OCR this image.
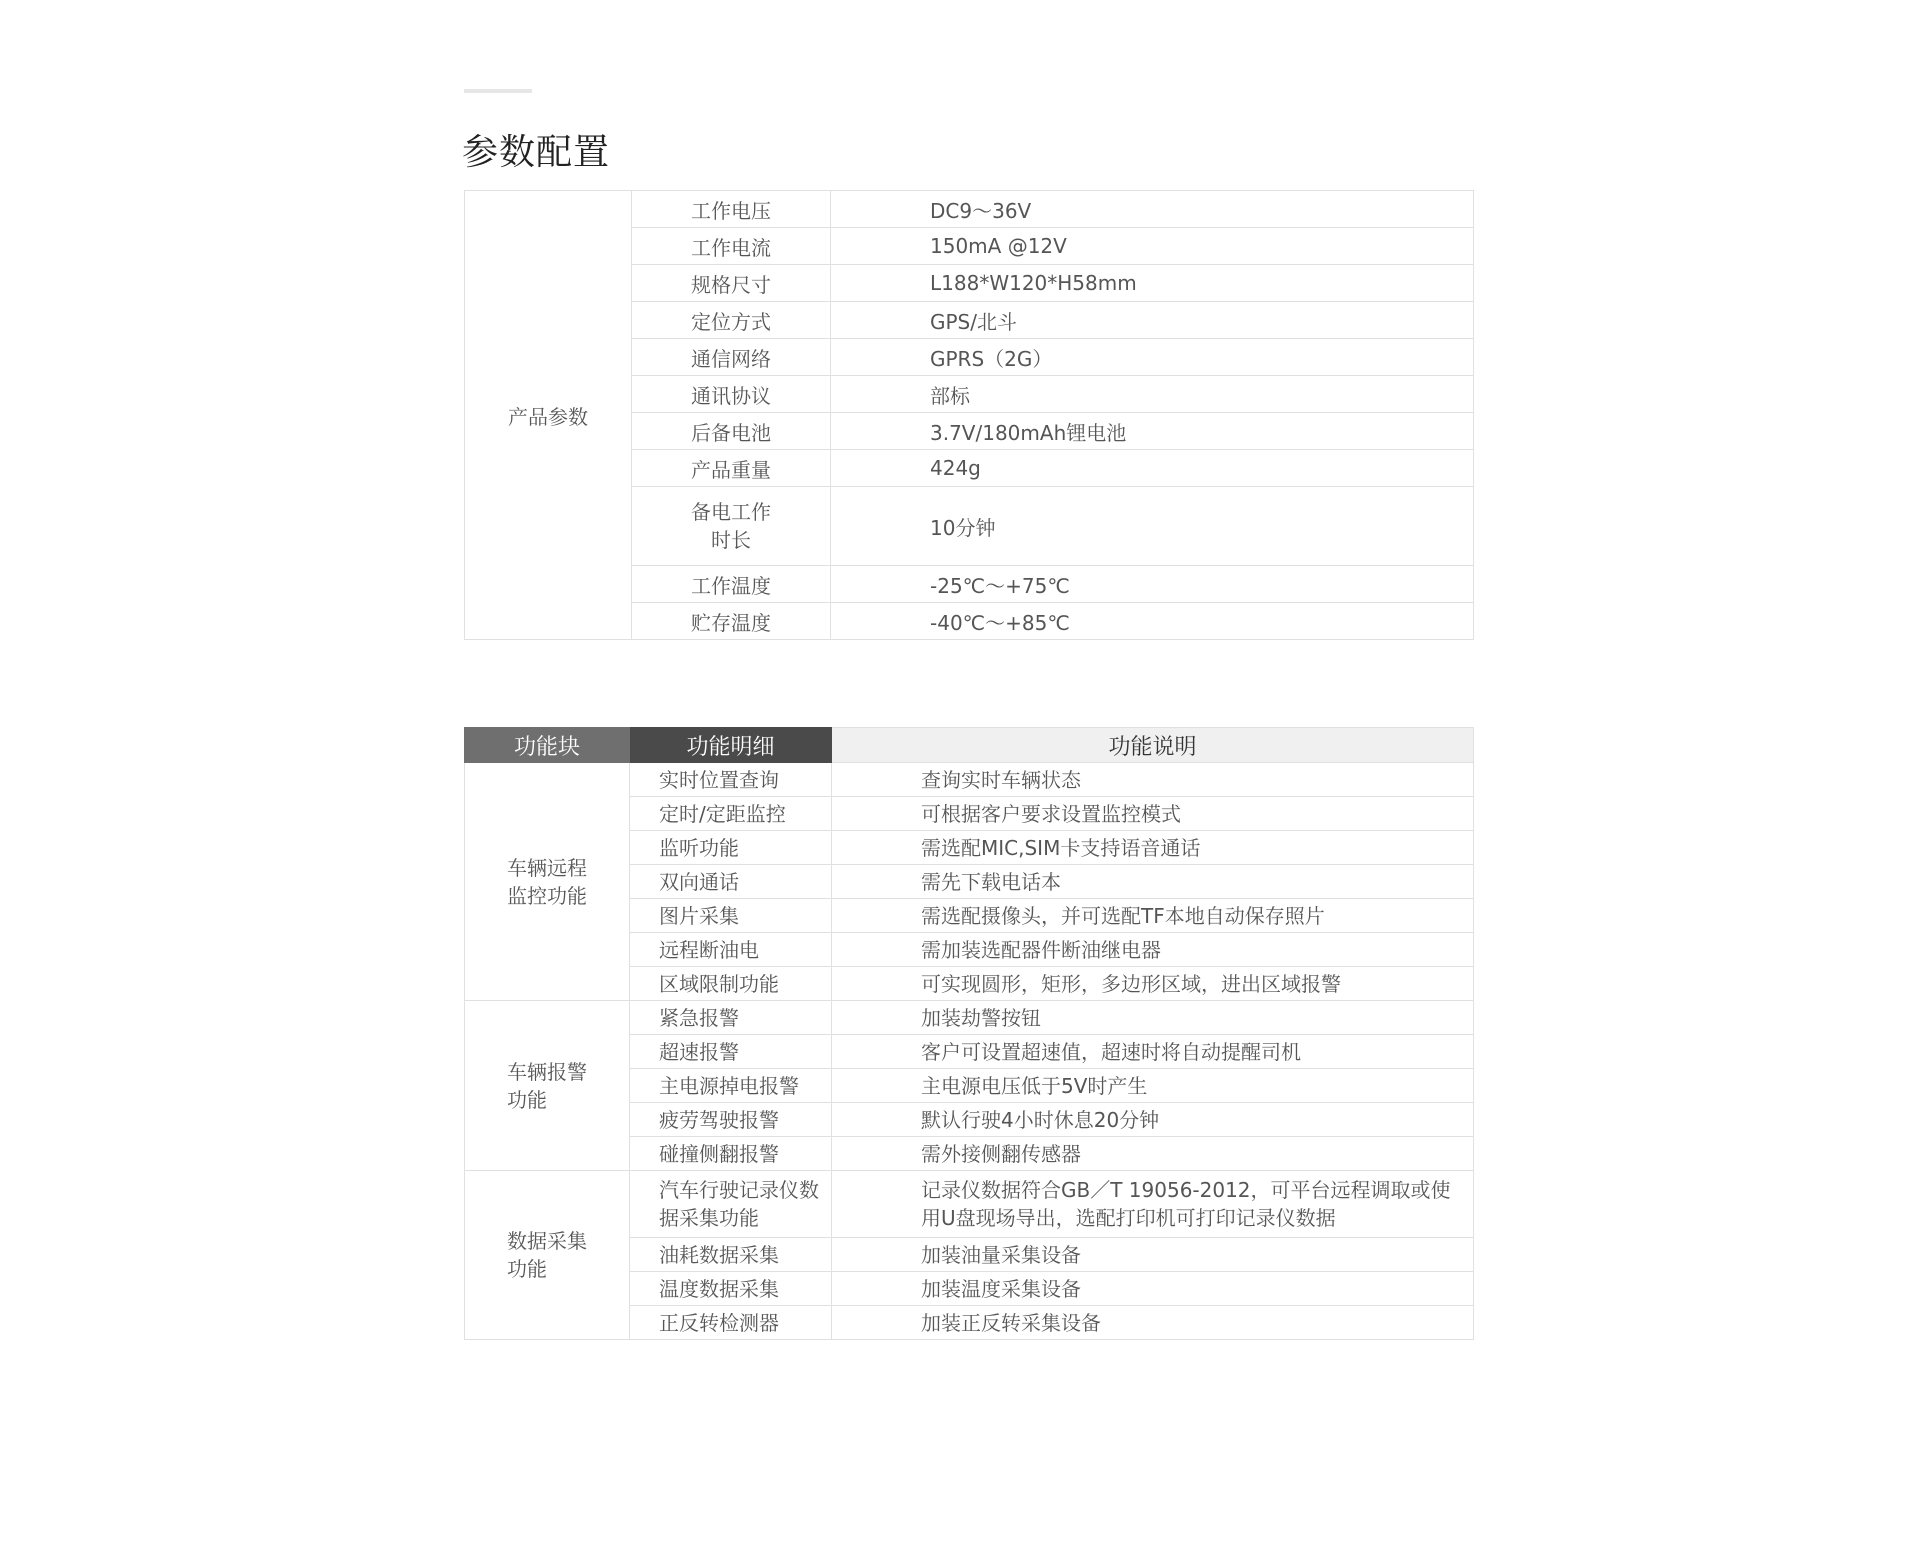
参数配置
产品参数	工作电压	DC9～36V
	工作电流	150mA @12V
	规格尺寸	L188*W120*H58mm
	定位方式	GPS/北斗
	通信网络	GPRS（2G）
	通讯协议	部标
	后备电池	3.7V/180mAh锂电池
	产品重量	424g
	备电工作时长	10分钟
	工作温度	-25℃～+75℃
	贮存温度	-40℃～+85℃
功能块	功能明细	功能说明

车辆远程监控功能	实时位置查询	查询实时车辆状态
	定时/定距监控	可根据客户要求设置监控模式
	监听功能	需选配MIC,SIM卡支持语音通话
	双向通话	需先下载电话本
	图片采集	需选配摄像头，并可选配TF本地自动保存照片
	远程断油电	需加装选配器件断油继电器
	区域限制功能	可实现圆形，矩形，多边形区域，进出区域报警

车辆报警功能	紧急报警	加装劫警按钮
	超速报警	客户可设置超速值，超速时将自动提醒司机
	主电源掉电报警	主电源电压低于5V时产生
	疲劳驾驶报警	默认行驶4小时休息20分钟
	碰撞侧翻报警	需外接侧翻传感器

数据采集功能	汽车行驶记录仪数据采集功能	记录仪数据符合GB／T 19056-2012，可平台远程调取或使用U盘现场导出，选配打印机可打印记录仪数据

	油耗数据采集	加装油量采集设备
	温度数据采集	加装温度采集设备
	正反转检测器	加装正反转采集设备
